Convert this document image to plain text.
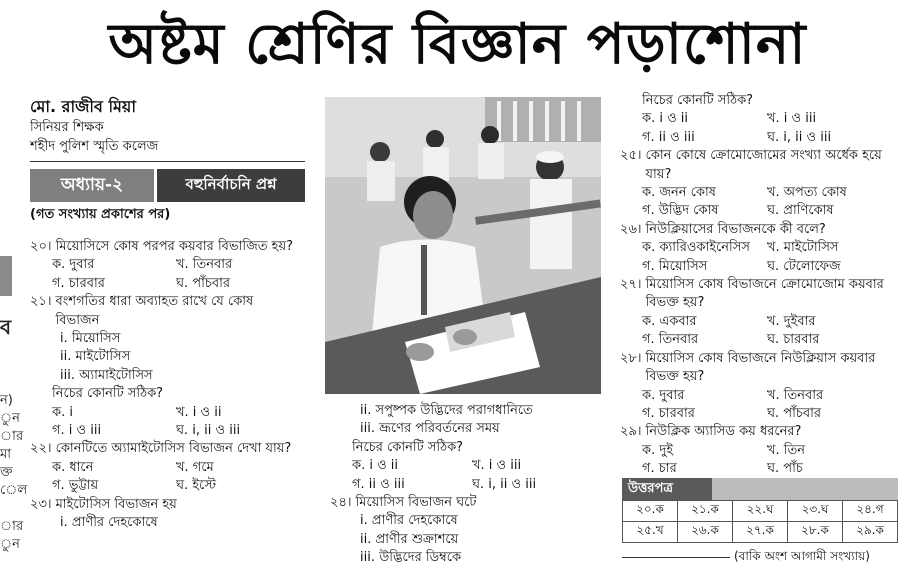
অষ্টম শ্রেণির বিজ্ঞান পড়াশোনা
ব
ন)
ুন
ার
মা
ক্ত
েল
ার
ুন
মো. রাজীব মিয়া
সিনিয়র শিক্ষক
শহীদ পুলিশ স্মৃতি কলেজ
অধ্যায়-২	বহুনির্বাচনি প্রশ্ন
(গত সংখ্যায় প্রকাশের পর)
২০। মিয়োসিসে কোষ পরপর কয়বার বিভাজিত হয়?
ক. দুবার	খ. তিনবার
গ. চারবার	ঘ. পাঁচবার
২১। বংশগতির ধারা অব্যাহত রাখে যে কোষ বিভাজন
i. মিয়োসিস
ii. মাইটোসিস
iii. অ্যামাইটোসিস
নিচের কোনটি সঠিক?
ক. i	খ. i ও ii
গ. i ও iii	ঘ. i, ii ও iii
২২। কোনটিতে অ্যামাইটোসিস বিভাজন দেখা যায়?
ক. ধানে	খ. গমে
গ. ভুট্টায়	ঘ. ইস্টে
২৩। মাইটোসিস বিভাজন হয়
i. প্রাণীর দেহকোষে
ii. সপুষ্পক উদ্ভিদের পরাগধানিতে
iii. ভ্রূণের পরিবর্তনের সময়
নিচের কোনটি সঠিক?
ক. i ও ii	খ. i ও iii
গ. ii ও iii	ঘ. i, ii ও iii
২৪। মিয়োসিস বিভাজন ঘটে
i. প্রাণীর দেহকোষে
ii. প্রাণীর শুক্রাশয়ে
iii. উদ্ভিদের ডিম্বকে
নিচের কোনটি সঠিক?
ক. i ও ii	খ. i ও iii
গ. ii ও iii	ঘ. i, ii ও iii
২৫। কোন কোষে ক্রোমোজোমের সংখ্যা অর্ধেক হয়ে যায়?
ক. জনন কোষ	খ. অপত্য কোষ
গ. উদ্ভিদ কোষ	ঘ. প্রাণিকোষ
২৬। নিউক্লিয়াসের বিভাজনকে কী বলে?
ক. ক্যারিওকাইনেসিস	খ. মাইটোসিস
গ. মিয়োসিস	ঘ. টেলোফেজ
২৭। মিয়োসিস কোষ বিভাজনে ক্রোমোজোম কয়বার বিভক্ত হয়?
ক. একবার	খ. দুইবার
গ. তিনবার	ঘ. চারবার
২৮। মিয়োসিস কোষ বিভাজনে নিউক্লিয়াস কয়বার বিভক্ত হয়?
ক. দুবার	খ. তিনবার
গ. চারবার	ঘ. পাঁচবার
২৯। নিউক্লিক অ্যাসিড কয় ধরনের?
ক. দুই	খ. তিন
গ. চার	ঘ. পাঁচ
উত্তরপত্র
২০.ক	২১.ক	২২.ঘ	২৩.ঘ	২৪.গ
২৫.খ	২৬.ক	২৭.ক	২৮.ক	২৯.ক
(বাকি অংশ আগামী সংখ্যায়)
